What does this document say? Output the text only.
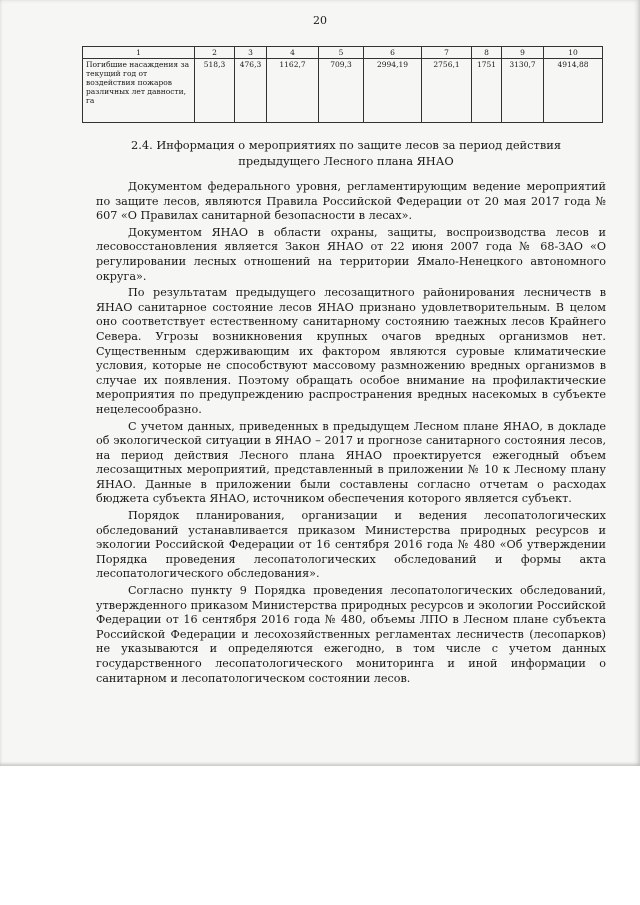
20
1	2	3	4	5	6	7	8	9	10
Погибшие насаждения за текущий год от воздействия пожаров различных лет давности, га	518,3	476,3	1162,7	709,3	2994,19	2756,1	1751	3130,7	4914,88
2.4. Информация о мероприятиях по защите лесов за период действия предыдущего Лесного плана ЯНАО

Документом федерального уровня, регламентирующим ведение мероприятий по защите лесов, являются Правила Российской Федерации от 20 мая 2017 года № 607 «О Правилах санитарной безопасности в лесах».

Документом ЯНАО в области охраны, защиты, воспроизводства лесов и лесовосстановления является Закон ЯНАО от 22 июня 2007 года № 68-ЗАО «О регулировании лесных отношений на территории Ямало-Ненецкого автономного округа».

По результатам предыдущего лесозащитного районирования лесничеств в ЯНАО санитарное состояние лесов ЯНАО признано удовлетворительным. В целом оно соответствует естественному санитарному состоянию таежных лесов Крайнего Севера. Угрозы возникновения крупных очагов вредных организмов нет. Существенным сдерживающим их фактором являются суровые климатические условия, которые не способствуют массовому размножению вредных организмов в случае их появления. Поэтому обращать особое внимание на профилактические мероприятия по предупреждению распространения вредных насекомых в субъекте нецелесообразно.

С учетом данных, приведенных в предыдущем Лесном плане ЯНАО, в докладе об экологической ситуации в ЯНАО – 2017 и прогнозе санитарного состояния лесов, на период действия Лесного плана ЯНАО проектируется ежегодный объем лесозащитных мероприятий, представленный в приложении № 10 к Лесному плану ЯНАО. Данные в приложении были составлены согласно отчетам о расходах бюджета субъекта ЯНАО, источником обеспечения которого является субъект.

Порядок планирования, организации и ведения лесопатологических обследований устанавливается приказом Министерства природных ресурсов и экологии Российской Федерации от 16 сентября 2016 года № 480 «Об утверждении Порядка проведения лесопатологических обследований и формы акта лесопатологического обследования».

Согласно пункту 9 Порядка проведения лесопатологических обследований, утвержденного приказом Министерства природных ресурсов и экологии Российской Федерации от 16 сентября 2016 года № 480, объемы ЛПО в Лесном плане субъекта Российской Федерации и лесохозяйственных регламентах лесничеств (лесопарков) не указываются и определяются ежегодно, в том числе с учетом данных государственного лесопатологического мониторинга и иной информации о санитарном и лесопатологическом состоянии лесов.
